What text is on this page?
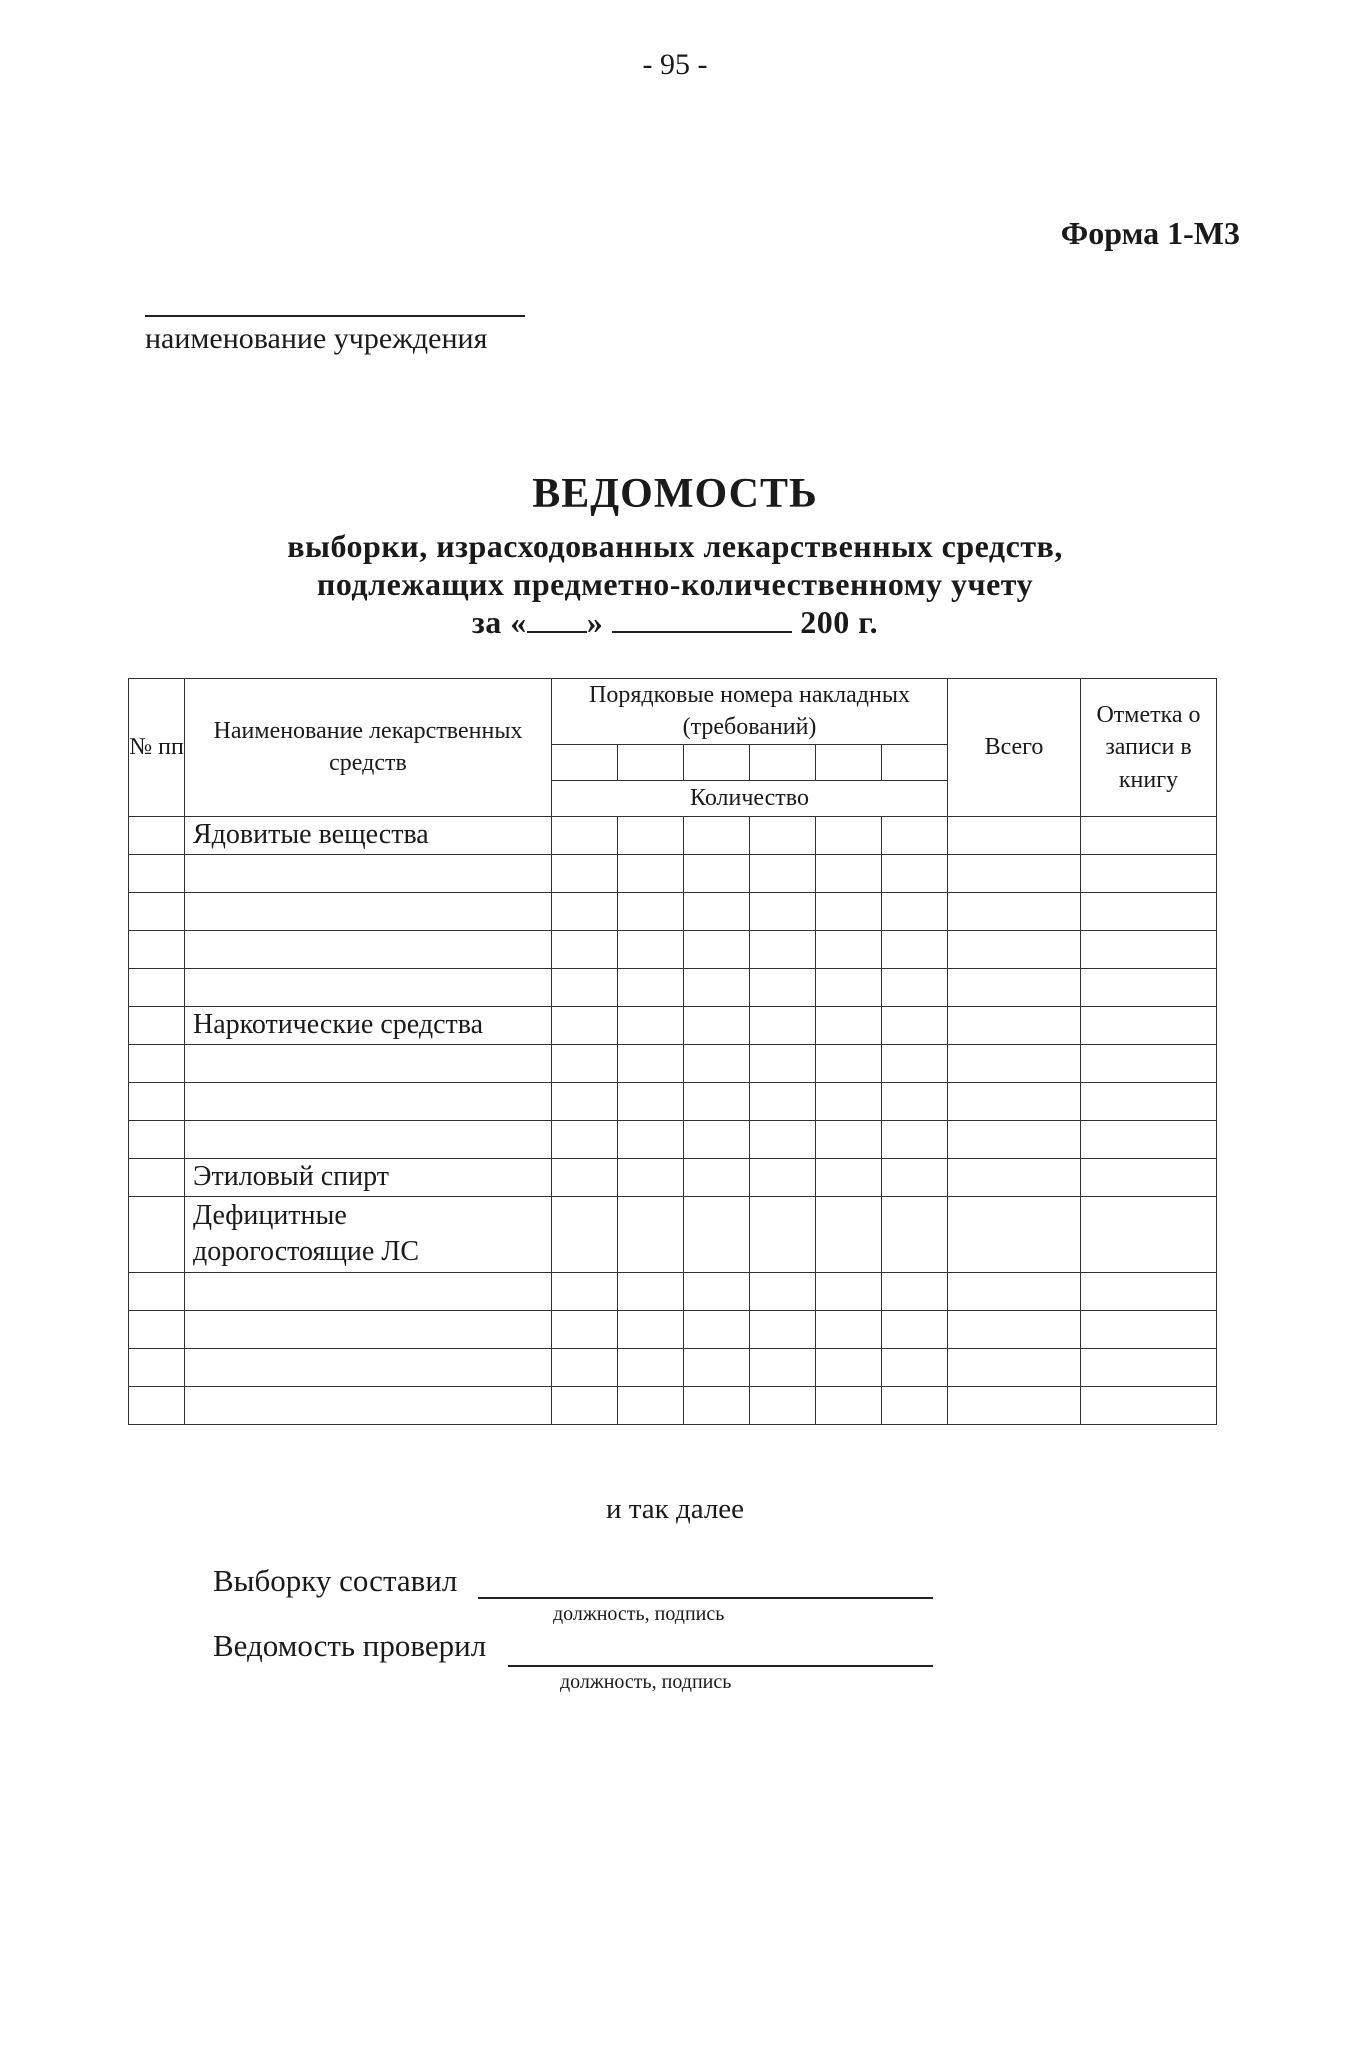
- 95 -
Форма 1-М3
наименование учреждения
ВЕДОМОСТЬ
выборки, израсходованных лекарственных средств,
подлежащих предметно-количественному учету
за « »	200 г.
№ пп	Наименование лекарственных средств	Порядковые номера накладных (требований)						Всего	Отметка о записи в книгу

		Количество							
	Ядовитые вещества								

	Наркотические средства								

	Этиловый спирт								
	Дефицитные
дорогостоящие ЛС								

и так далее
Выборку составил
должность, подпись
Ведомость проверил
должность, подпись
